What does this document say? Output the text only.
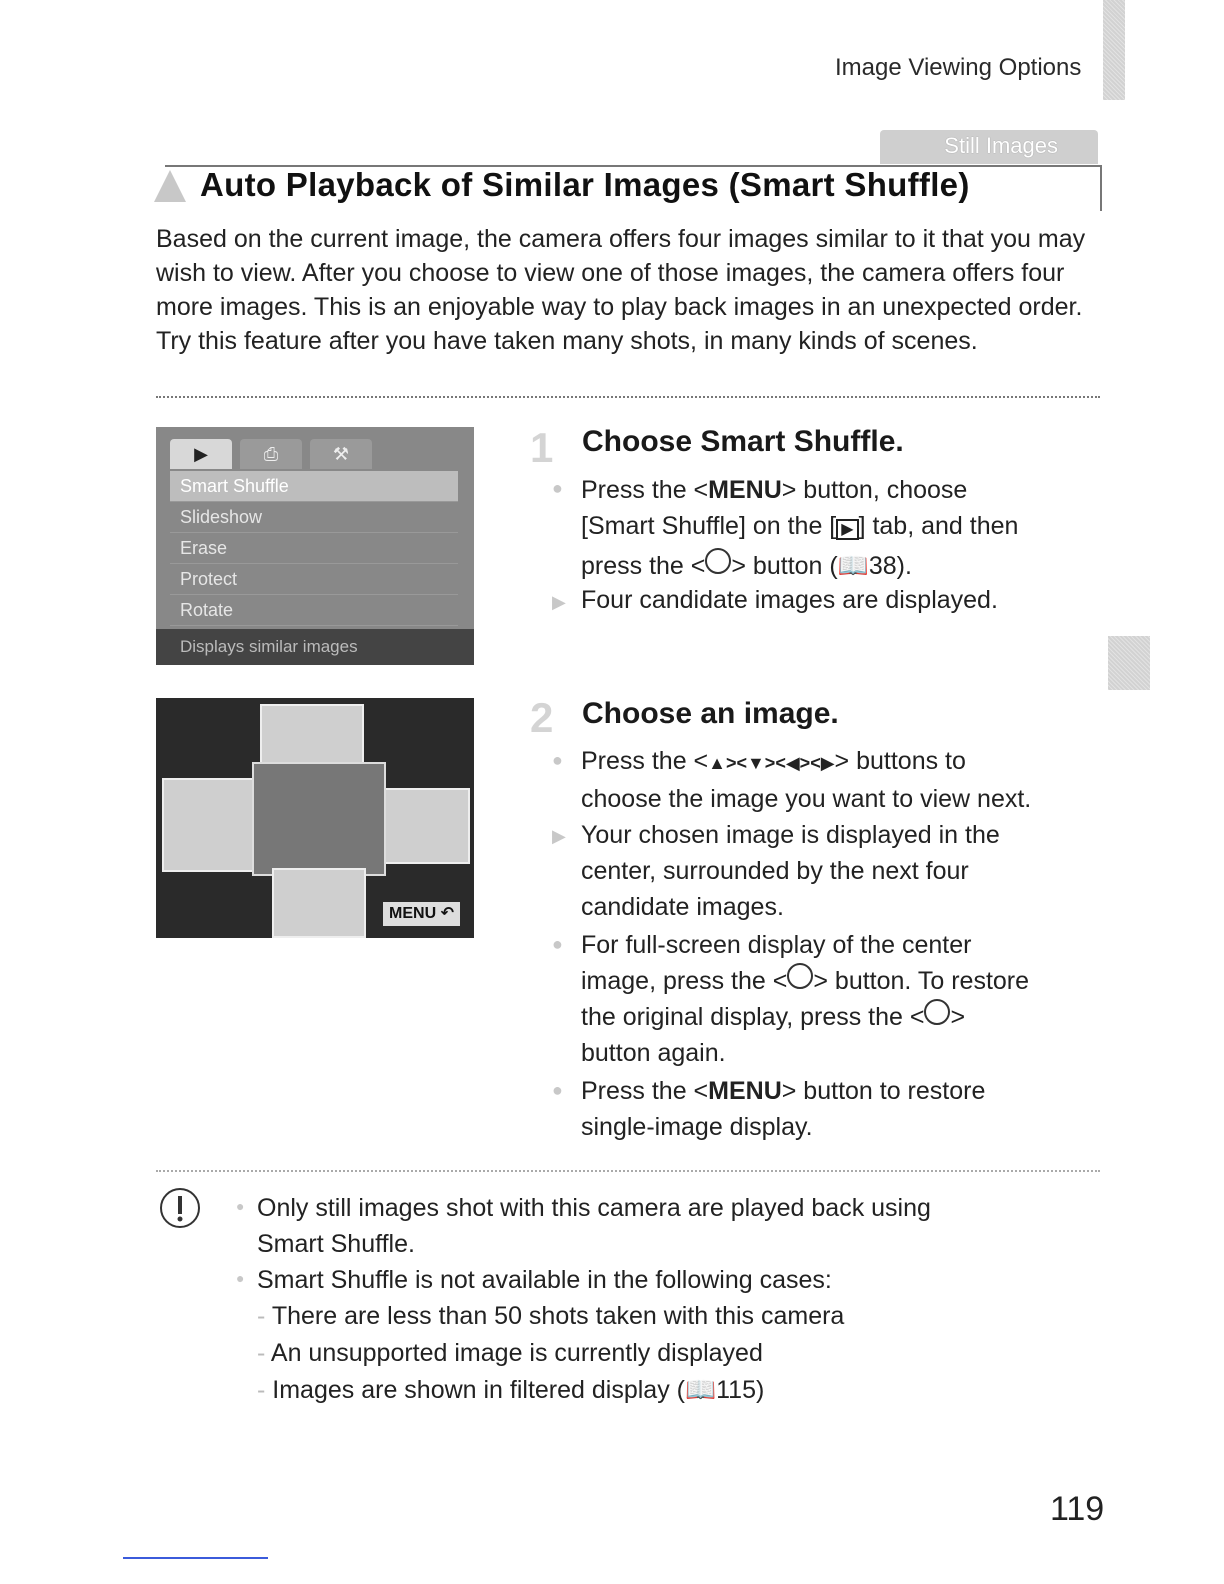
Image Viewing Options
Still Images
Auto Playback of Similar Images (Smart Shuffle)
Based on the current image, the camera offers four images similar to it that you may wish to view. After you choose to view one of those images, the camera offers four more images. This is an enjoyable way to play back images in an unexpected order. Try this feature after you have taken many shots, in many kinds of scenes.
▶	⎙	⚒
Smart Shuffle
Slideshow
Erase
Protect
Rotate
Displays similar images
MENU ↶
1 Choose Smart Shuffle.
● Press the <MENU> button, choose
[Smart Shuffle] on the [ ▶ ] tab, and then
press the < > button (📖38).
▶ Four candidate images are displayed.
2 Choose an image.
● Press the <▲><▼><◀><▶> buttons to
choose the image you want to view next.
▶ Your chosen image is displayed in the center, surrounded by the next four candidate images.
● For full-screen display of the center
image, press the < > button. To restore
the original display, press the < >
button again.
● Press the <MENU> button to restore
single-image display.
● Only still images shot with this camera are played back using
Smart Shuffle.
● Smart Shuffle is not available in the following cases:
- There are less than 50 shots taken with this camera
- An unsupported image is currently displayed
- Images are shown in filtered display (📖115)
119
